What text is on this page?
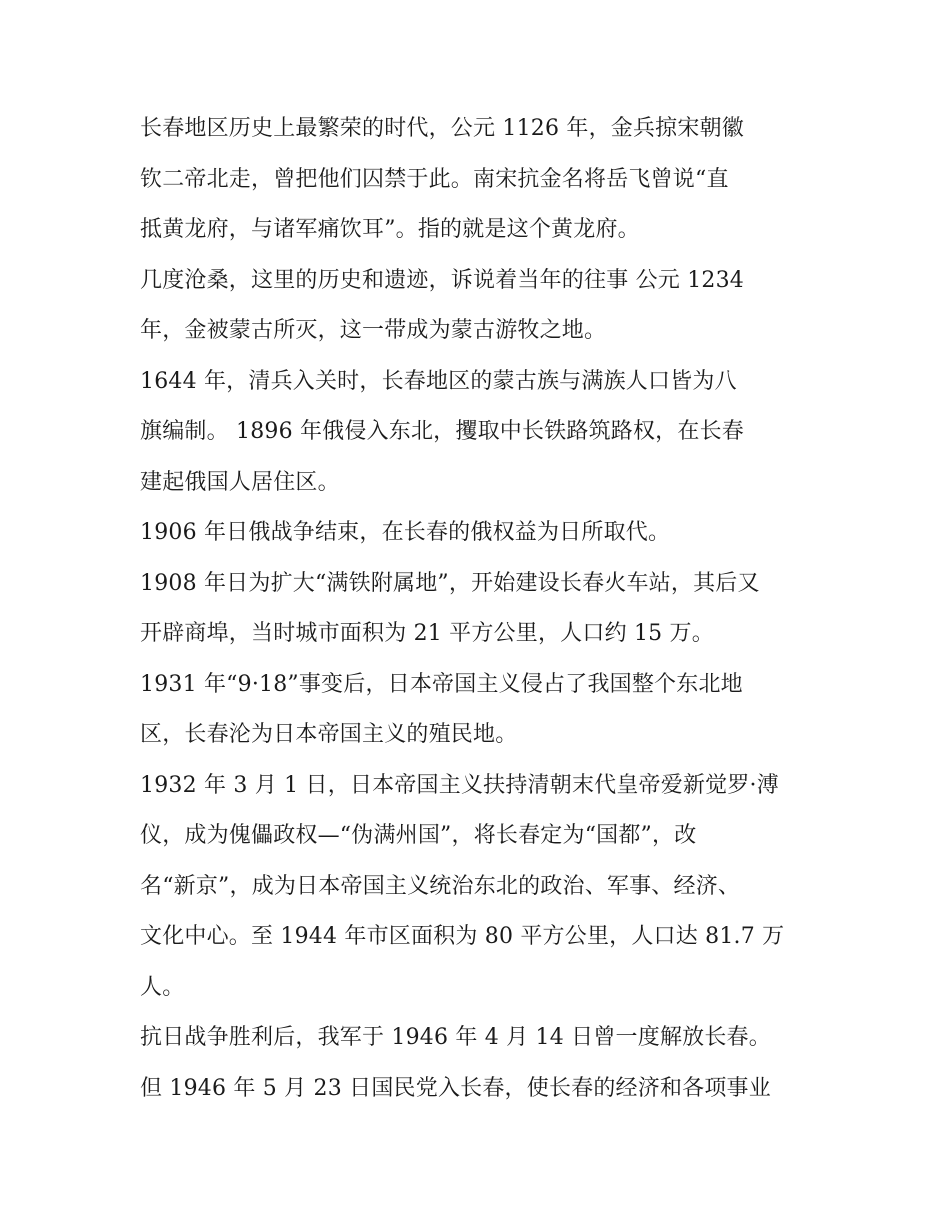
长春地区历史上最繁荣的时代，公元 1126 年，金兵掠宋朝徽
钦二帝北走，曾把他们囚禁于此。南宋抗金名将岳飞曾说“直
抵黄龙府，与诸军痛饮耳”。指的就是这个黄龙府。
几度沧桑，这里的历史和遗迹，诉说着当年的往事 公元 1234
年，金被蒙古所灭，这一带成为蒙古游牧之地。
1644 年，清兵入关时，长春地区的蒙古族与满族人口皆为八
旗编制。 1896 年俄侵入东北，攫取中长铁路筑路权，在长春
建起俄国人居住区。
1906 年日俄战争结束，在长春的俄权益为日所取代。
1908 年日为扩大“满铁附属地”，开始建设长春火车站，其后又
开辟商埠，当时城市面积为 21 平方公里，人口约 15 万。
1931 年“9·18”事变后，日本帝国主义侵占了我国整个东北地
区，长春沦为日本帝国主义的殖民地。
1932 年 3 月 1 日，日本帝国主义扶持清朝末代皇帝爱新觉罗·溥
仪，成为傀儡政权—“伪满州国”，将长春定为“国都”，改
名“新京”，成为日本帝国主义统治东北的政治、军事、经济、
文化中心。至 1944 年市区面积为 80 平方公里，人口达 81.7 万
人。
抗日战争胜利后，我军于 1946 年 4 月 14 日曾一度解放长春。
但 1946 年 5 月 23 日国民党入长春，使长春的经济和各项事业
